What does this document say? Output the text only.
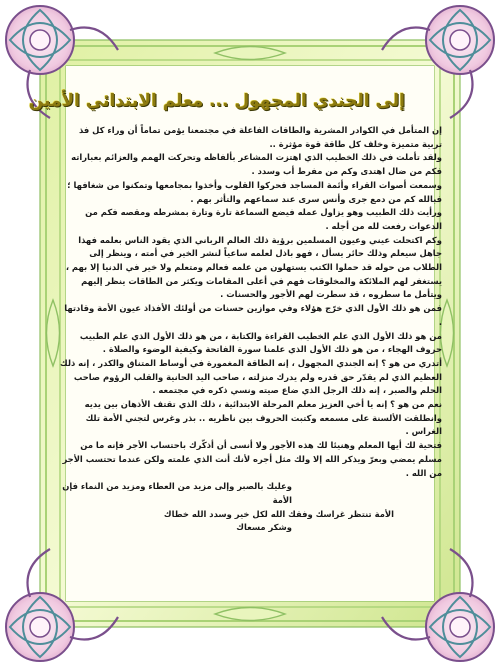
إلى الجندي المجهول ... معلم الابتدائي الأمين

إن المتأمل في الكوادر المشرية والطاقات الفاعلة في مجتمعنا يؤمن تماماً أن وراء كل فذ تربية متميزة وخلف كل طاقة قوة مؤثرة ..

ولقد تأملت في ذلك الخطيب الذي اهتزت المشاعر بألفاظه وتحركت الهمم والعزائم بعباراته فكم من ضال اهتدى وكم من مفرط أب وسدد .

وسمعت أصوات القراء وأئمة المساجد فحركوا القلوب وأخذوا بمجامعها وتمكنوا من شغافها ؛ فبالله كم من دمع جرى وأنس سرى عند سماعهم والتأثر بهم .

ورأيت ذلك الطبيب وهو يزاول عمله فيضع السماعة تارة وتارة بمشرطه ومقصه فكم من الدعوات رفعت لله من أجله .

وكم اكتحلت عيني وعيون المسلمين برؤية ذلك العالم الرباني الذي يقود الناس بعلمه فهذا جاهل سيعلم وذلك حائر يسأل ، فهو باذل لعلمه ساعياً لنشر الخير في أمته ، وينظر إلى الطلاب من حوله قد حملوا الكتب يستهلون من علمه فعالم ومتعلم ولا خير في الدنيا إلا بهم ، يستغفر لهم الملائكة والمخلوقات فهم في أعلى المقامات ويكثر من الطاقات ينظر إليهم ويتأمل ما سطروه ، قد سطرت لهم الأجور والحسنات .

فمن هو ذلك الأول الذي خرّج هؤلاء وفي موازين حسنات من أولئك الأفذاذ عيون الأمة وقادتها .

من هو ذلك الأول الذي علم الخطيب القراءة والكتابة ، من هو ذلك الأول الذي علم الطبيب حروف الهجاء ، من هو ذلك الأول الذي علمنا سورة الفاتحة وكيفية الوضوء والصلاة .

أتدري من هو ؟ إنه الجندي المجهول ، إنه الطاقة المغمورة في أوساط المتناق والكدر ، إنه ذلك العظيم الذي لم يقدّر حق قدره ولم يدرك منزلته ، صاحب اليد الحانية والقلب الرؤوم صاحب الحلم والصبر ، إنه ذلك الرجل الذي ضاع صيته ونسي ذكره في مجتمعه .

نعم من هو ؟ إنه يا أخي العزيز معلم المرحلة الابتدائية ، ذلك الذي تقتف الأذهان بين يديه وانطلقت الألسنة على مسمعه وكتبت الحروف بين ناظريه .. بذر وغرس لتجني الأمة تلك الغراس .

فتحية لك أيها المعلم وهنيئا لك هذه الأجور ولا أنسى أن أذكّرك باحتساب الأجر فإنه ما من مسلم يمضي وبعرّ ويذكر الله إلا ولك مثل أجره لأنك أنت الذي علمته ولكن عندما تحتسب الأجر من الله .

وعليك بالصبر وإلى مزيد من العطاء ومزيد من النماء فإن الأمة

الأمة تنتظر غراسك وفقك الله لكل خير وسدد الله خطاك

وشكر مسعاك
